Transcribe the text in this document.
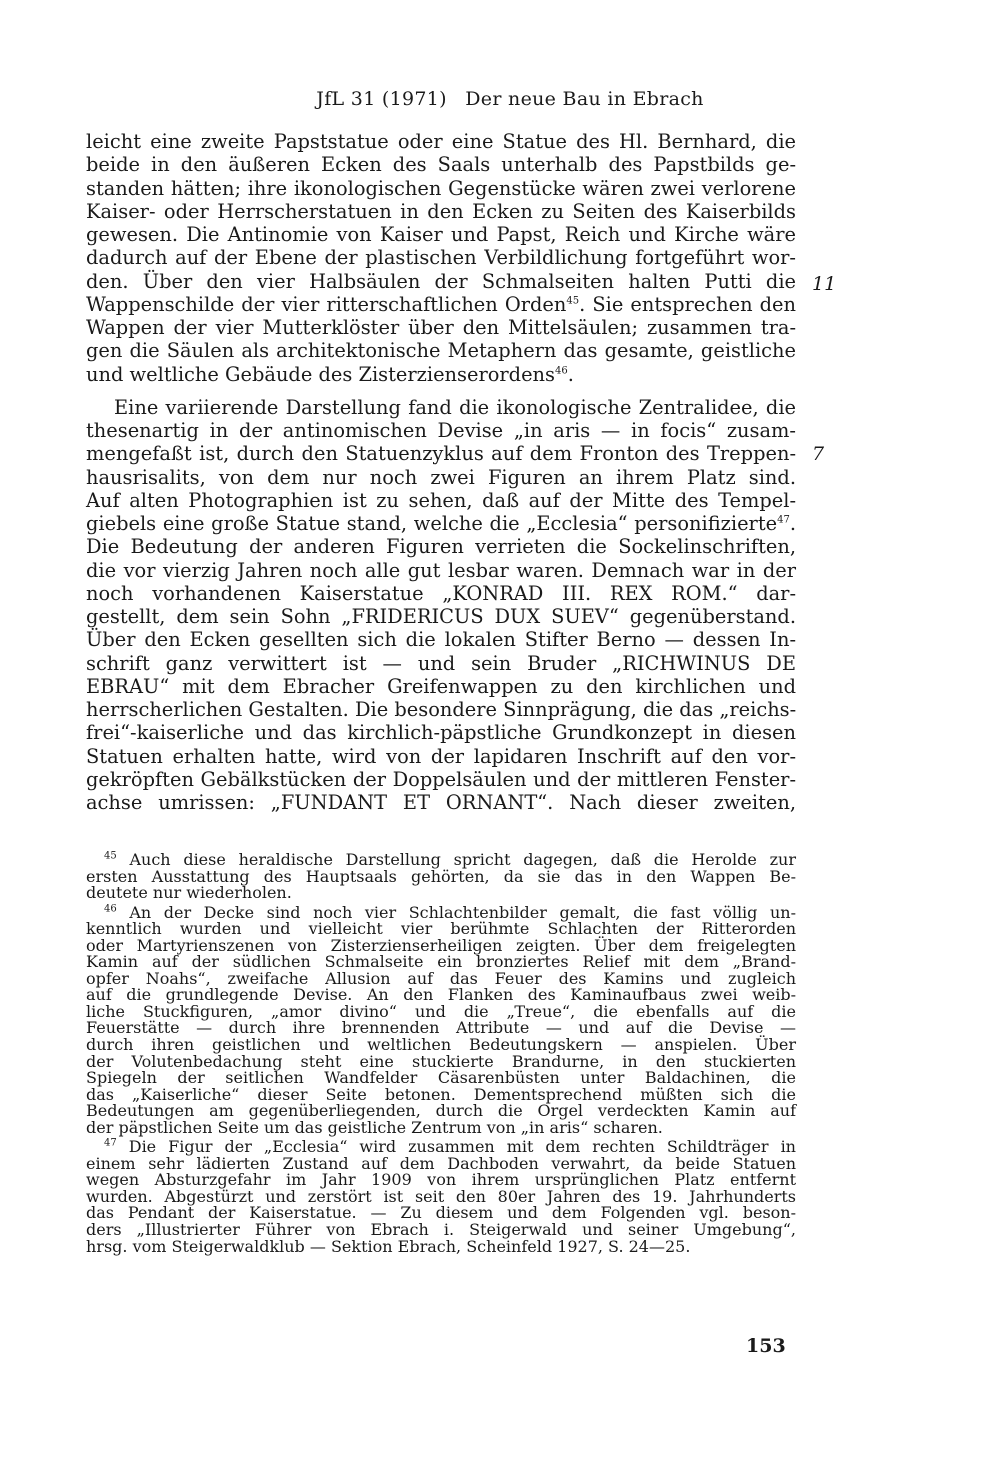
JfL 31 (1971) Der neue Bau in Ebrach
11
7
leicht eine zweite Papststatue oder eine Statue des Hl. Bernhard, die
beide in den äußeren Ecken des Saals unterhalb des Papstbilds ge-
standen hätten; ihre ikonologischen Gegenstücke wären zwei verlorene
Kaiser- oder Herrscherstatuen in den Ecken zu Seiten des Kaiserbilds
gewesen. Die Antinomie von Kaiser und Papst, Reich und Kirche wäre
dadurch auf der Ebene der plastischen Verbildlichung fortgeführt wor-
den. Über den vier Halbsäulen der Schmalseiten halten Putti die
Wappenschilde der vier ritterschaftlichen Orden$^{45}$. Sie entsprechen den
Wappen der vier Mutterklöster über den Mittelsäulen; zusammen tra-
gen die Säulen als architektonische Metaphern das gesamte, geistliche
und weltliche Gebäude des Zisterzienserordens$^{46}$.
Eine variierende Darstellung fand die ikonologische Zentralidee, die
thesenartig in der antinomischen Devise „in aris — in focis“ zusam-
mengefaßt ist, durch den Statuenzyklus auf dem Fronton des Treppen-
hausrisalits, von dem nur noch zwei Figuren an ihrem Platz sind.
Auf alten Photographien ist zu sehen, daß auf der Mitte des Tempel-
giebels eine große Statue stand, welche die „Ecclesia“ personifizierte$^{47}$.
Die Bedeutung der anderen Figuren verrieten die Sockelinschriften,
die vor vierzig Jahren noch alle gut lesbar waren. Demnach war in der
noch vorhandenen Kaiserstatue „KONRAD III. REX ROM.“ dar-
gestellt, dem sein Sohn „FRIDERICUS DUX SUEV“ gegenüberstand.
Über den Ecken gesellten sich die lokalen Stifter Berno — dessen In-
schrift ganz verwittert ist — und sein Bruder „RICHWINUS DE
EBRAU“ mit dem Ebracher Greifenwappen zu den kirchlichen und
herrscherlichen Gestalten. Die besondere Sinnprägung, die das „reichs-
frei“-kaiserliche und das kirchlich-päpstliche Grundkonzept in diesen
Statuen erhalten hatte, wird von der lapidaren Inschrift auf den vor-
gekröpften Gebälkstücken der Doppelsäulen und der mittleren Fenster-
achse umrissen: „FUNDANT ET ORNANT“. Nach dieser zweiten,
$^{45}$ Auch diese heraldische Darstellung spricht dagegen, daß die Herolde zur
ersten Ausstattung des Hauptsaals gehörten, da sie das in den Wappen Be-
deutete nur wiederholen.
$^{46}$ An der Decke sind noch vier Schlachtenbilder gemalt, die fast völlig un-
kenntlich wurden und vielleicht vier berühmte Schlachten der Ritterorden
oder Martyrienszenen von Zisterzienserheiligen zeigten. Über dem freigelegten
Kamin auf der südlichen Schmalseite ein bronziertes Relief mit dem „Brand-
opfer Noahs“, zweifache Allusion auf das Feuer des Kamins und zugleich
auf die grundlegende Devise. An den Flanken des Kaminaufbaus zwei weib-
liche Stuckfiguren, „amor divino“ und die „Treue“, die ebenfalls auf die
Feuerstätte — durch ihre brennenden Attribute — und auf die Devise —
durch ihren geistlichen und weltlichen Bedeutungskern — anspielen. Über
der Volutenbedachung steht eine stuckierte Brandurne, in den stuckierten
Spiegeln der seitlichen Wandfelder Cäsarenbüsten unter Baldachinen, die
das „Kaiserliche“ dieser Seite betonen. Dementsprechend müßten sich die
Bedeutungen am gegenüberliegenden, durch die Orgel verdeckten Kamin auf
der päpstlichen Seite um das geistliche Zentrum von „in aris“ scharen.
$^{47}$ Die Figur der „Ecclesia“ wird zusammen mit dem rechten Schildträger in
einem sehr lädierten Zustand auf dem Dachboden verwahrt, da beide Statuen
wegen Absturzgefahr im Jahr 1909 von ihrem ursprünglichen Platz entfernt
wurden. Abgestürzt und zerstört ist seit den 80er Jahren des 19. Jahrhunderts
das Pendant der Kaiserstatue. — Zu diesem und dem Folgenden vgl. beson-
ders „Illustrierter Führer von Ebrach i. Steigerwald und seiner Umgebung“,
hrsg. vom Steigerwaldklub — Sektion Ebrach, Scheinfeld 1927, S. 24—25.
153
